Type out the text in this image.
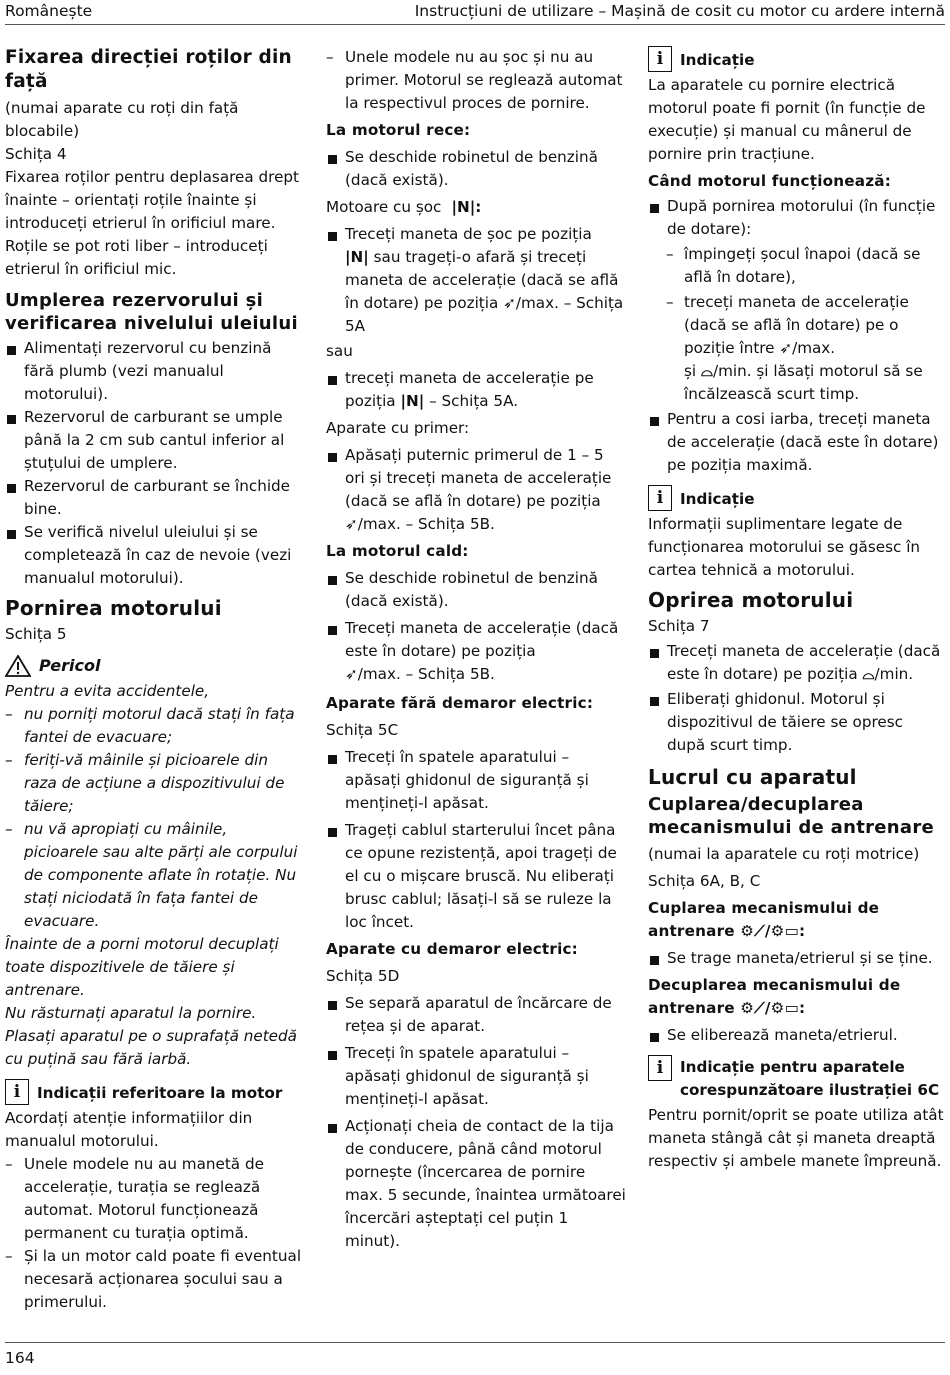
Românește	Instrucțiuni de utilizare – Mașină de cosit cu motor cu ardere internă
Fixarea direcției roților din față

(numai aparate cu roți din față blocabile)

Schița 4

Fixarea roților pentru deplasarea drept înainte – orientați roțile înainte și introduceți etrierul în orificiul mare.

Roțile se pot roti liber – introduceți etrierul în orificiul mic.

Umplerea rezervorului și verificarea nivelului uleiului

Alimentați rezervorul cu benzină fără plumb (vezi manualul motorului).

Rezervorul de carburant se umple până la 2 cm sub cantul inferior al ștuțului de umplere.

Rezervorul de carburant se închide bine.

Se verifică nivelul uleiului și se completează în caz de nevoie (vezi manualul motorului).

Pornirea motorului

Schița 5

Pericol

Pentru a evita accidentele,

– nu porniți motorul dacă stați în fața fantei de evacuare;

– feriți-vă mâinile și picioarele din raza de acțiune a dispozitivului de tăiere;

– nu vă apropiați cu mâinile, picioarele sau alte părți ale corpului de componente aflate în rotație. Nu stați niciodată în fața fantei de evacuare.

Înainte de a porni motorul decuplați toate dispozitivele de tăiere și antrenare.

Nu răsturnați aparatul la pornire. Plasați aparatul pe o suprafață netedă cu puțină sau fără iarbă.

i	Indicații referitoare la motor

Acordați atenție informațiilor din manualul motorului.

– Unele modele nu au manetă de accelerație, turația se reglează automat. Motorul funcționează permanent cu turația optimă.

– Și la un motor cald poate fi eventual necesară acționarea șocului sau a primerului.

– Unele modele nu au șoc și nu au primer. Motorul se reglează automat la respectivul proces de pornire.

La motorul rece:

Se deschide robinetul de benzină (dacă există).

Motoare cu șoc  |N|:

Treceți maneta de șoc pe poziția
|N| sau trageți-o afară și treceți maneta de accelerație (dacă se află în dotare) pe poziția ➶/max. – Schița 5A

sau

treceți maneta de accelerație pe poziția |N| – Schița 5A.

Aparate cu primer:

Apăsați puternic primerul de 1 – 5 ori și treceți maneta de accelerație (dacă se află în dotare) pe poziția
➶/max. – Schița 5B.

La motorul cald:

Se deschide robinetul de benzină (dacă există).

Treceți maneta de accelerație (dacă este în dotare) pe poziția
➶/max. – Schița 5B.

Aparate fără demaror electric:

Schița 5C

Treceți în spatele aparatului – apăsați ghidonul de siguranță și mențineți-l apăsat.

Trageți cablul starterului încet pâna ce opune rezistență, apoi trageți de el cu o mișcare bruscă. Nu eliberați brusc cablul; lăsați-l să se ruleze la loc încet.

Aparate cu demaror electric:

Schița 5D

Se separă aparatul de încărcare de rețea și de aparat.

Treceți în spatele aparatului – apăsați ghidonul de siguranță și mențineți-l apăsat.

Acționați cheia de contact de la tija de conducere, până când motorul pornește (încercarea de pornire max. 5 secunde, înaintea următoarei încercări așteptați cel puțin 1 minut).

i	Indicație

La aparatele cu pornire electrică motorul poate fi pornit (în funcție de execuție) și manual cu mânerul de pornire prin tracțiune.

Când motorul funcționează:

După pornirea motorului (în funcție de dotare):

– împingeți șocul înapoi (dacă se află în dotare),

– treceți maneta de accelerație (dacă se află în dotare) pe o poziție între ➶/max.
și ⌓/min. și lăsați motorul să se încălzească scurt timp.

Pentru a cosi iarba, treceți maneta de accelerație (dacă este în dotare) pe poziția maximă.

i	Indicație

Informații suplimentare legate de funcționarea motorului se găsesc în cartea tehnică a motorului.

Oprirea motorului

Schița 7

Treceți maneta de accelerație (dacă este în dotare) pe poziția ⌓/min.

Eliberați ghidonul. Motorul și dispozitivul de tăiere se opresc după scurt timp.

Lucrul cu aparatul
Cuplarea/decuplarea mecanismului de antrenare

(numai la aparatele cu roți motrice)

Schița 6A, B, C

Cuplarea mecanismului de antrenare ⚙⟋/⚙▭:

Se trage maneta/etrierul și se ține.

Decuplarea mecanismului de antrenare ⚙⟋/⚙▭:

Se eliberează maneta/etrierul.

i	Indicație pentru aparatele corespunzătoare ilustrației 6C

Pentru pornit/oprit se poate utiliza atât maneta stângă cât și maneta dreaptă respectiv și ambele manete împreună.

164
